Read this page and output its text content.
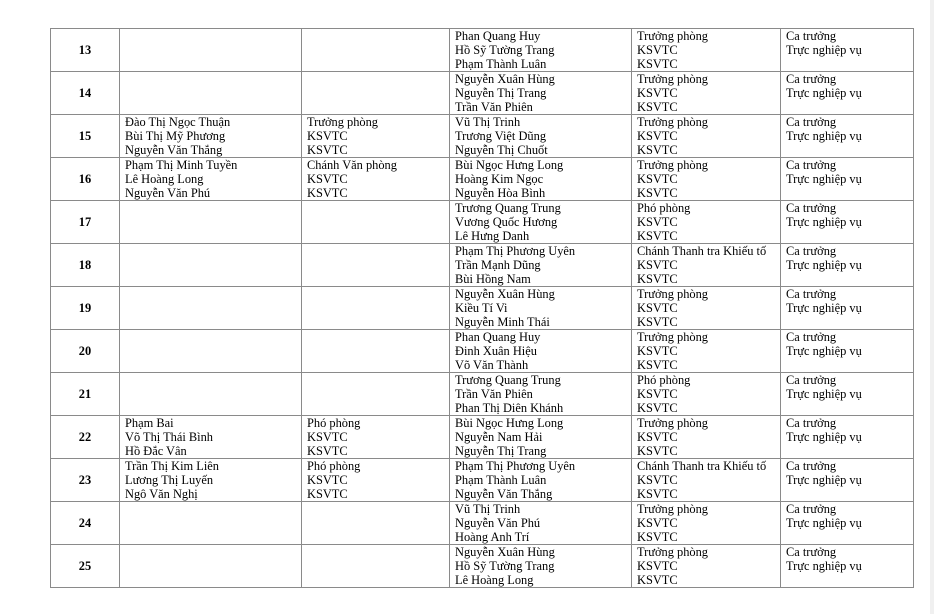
13			Phan Quang Huy
Hồ Sỹ Tường Trang
Phạm Thành Luân	Trưởng phòng
KSVTC
KSVTC	Ca trưởng
Trực nghiệp vụ

14			Nguyễn Xuân Hùng
Nguyễn Thị Trang
Trần Văn Phiên	Trưởng phòng
KSVTC
KSVTC	Ca trưởng
Trực nghiệp vụ

15	Đào Thị Ngọc Thuận
Bùi Thị Mỹ Phương
Nguyễn Văn Thắng	Trưởng phòng
KSVTC
KSVTC	Vũ Thị Trinh
Trương Việt Dũng
Nguyễn Thị Chuốt	Trưởng phòng
KSVTC
KSVTC	Ca trưởng
Trực nghiệp vụ

16	Phạm Thị Minh Tuyền
Lê Hoàng Long
Nguyễn Văn Phú	Chánh Văn phòng
KSVTC
KSVTC	Bùi Ngọc Hưng Long
Hoàng Kim Ngọc
Nguyễn Hòa Bình	Trưởng phòng
KSVTC
KSVTC	Ca trưởng
Trực nghiệp vụ

17			Trương Quang Trung
Vương Quốc Hương
Lê Hưng Danh	Phó phòng
KSVTC
KSVTC	Ca trưởng
Trực nghiệp vụ

18			Phạm Thị Phương Uyên
Trần Mạnh Dũng
Bùi Hồng Nam	Chánh Thanh tra Khiếu tố
KSVTC
KSVTC	Ca trưởng
Trực nghiệp vụ

19			Nguyễn Xuân Hùng
Kiều Tí Vi
Nguyễn Minh Thái	Trưởng phòng
KSVTC
KSVTC	Ca trưởng
Trực nghiệp vụ

20			Phan Quang Huy
Đinh Xuân Hiệu
Võ Văn Thành	Trưởng phòng
KSVTC
KSVTC	Ca trưởng
Trực nghiệp vụ

21			Trương Quang Trung
Trần Văn Phiên
Phan Thị Diên Khánh	Phó phòng
KSVTC
KSVTC	Ca trưởng
Trực nghiệp vụ

22	Phạm Bai
Võ Thị Thái Bình
Hồ Đắc Vân	Phó phòng
KSVTC
KSVTC	Bùi Ngọc Hưng Long
Nguyễn Nam Hải
Nguyễn Thị Trang	Trưởng phòng
KSVTC
KSVTC	Ca trưởng
Trực nghiệp vụ

23	Trần Thị Kim Liên
Lương Thị Luyến
Ngô Văn Nghị	Phó phòng
KSVTC
KSVTC	Phạm Thị Phương Uyên
Phạm Thành Luân
Nguyễn Văn Thắng	Chánh Thanh tra Khiếu tố
KSVTC
KSVTC	Ca trưởng
Trực nghiệp vụ

24			Vũ Thị Trinh
Nguyễn Văn Phú
Hoàng Anh Trí	Trưởng phòng
KSVTC
KSVTC	Ca trưởng
Trực nghiệp vụ

25			Nguyễn Xuân Hùng
Hồ Sỹ Tường Trang
Lê Hoàng Long	Trưởng phòng
KSVTC
KSVTC	Ca trưởng
Trực nghiệp vụ
